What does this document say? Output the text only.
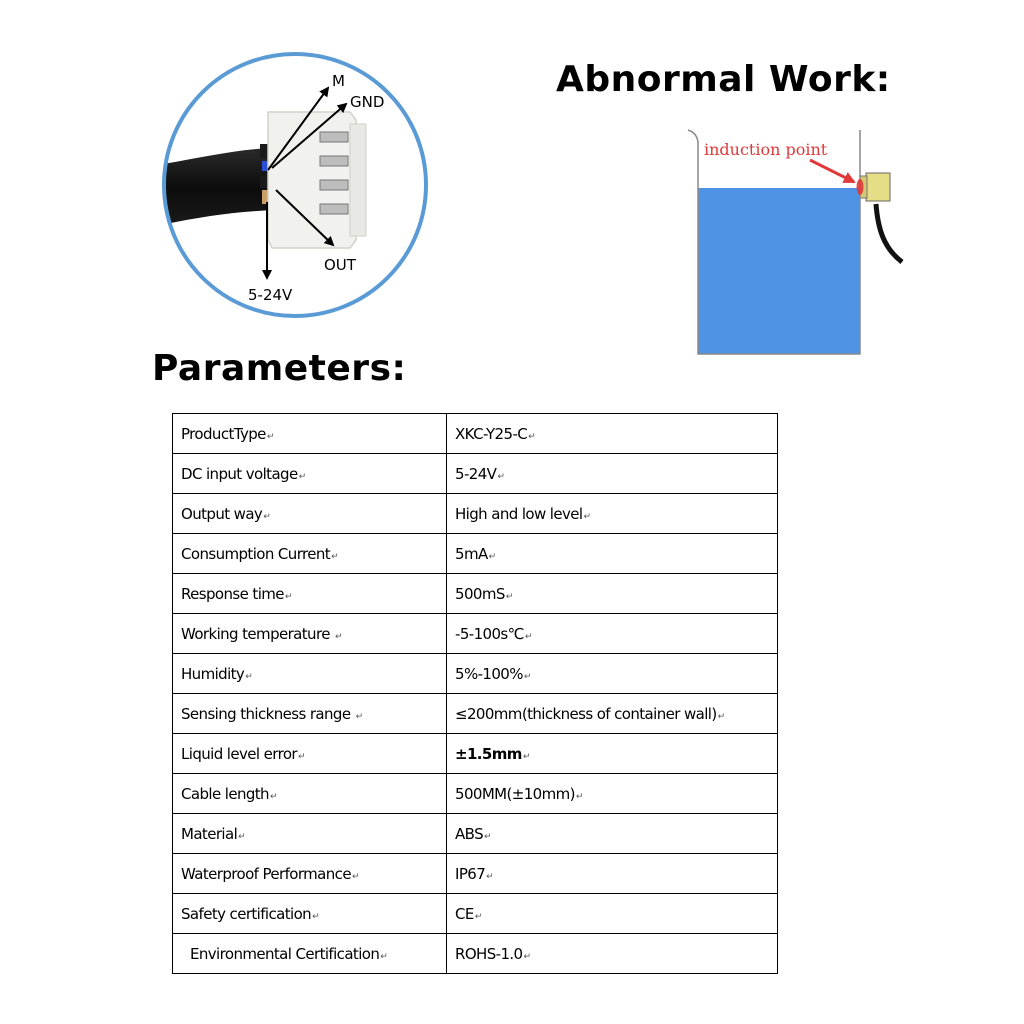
M
GND
OUT
5-24V
Abnormal Work:
induction point
Parameters:
ProductType↵	XKC-Y25-C↵
DC input voltage↵	5-24V↵
Output way↵	High and low level↵
Consumption Current↵	5mA↵
Response time↵	500mS↵
Working temperature ↵	-5-100s℃↵
Humidity↵	5%-100%↵
Sensing thickness range ↵	≤200mm(thickness of container wall)↵
Liquid level error↵	±1.5mm↵
Cable length↵	500MM(±10mm)↵
Material↵	ABS↵
Waterproof Performance↵	IP67↵
Safety certification↵	CE↵
Environmental Certification↵	ROHS-1.0↵
